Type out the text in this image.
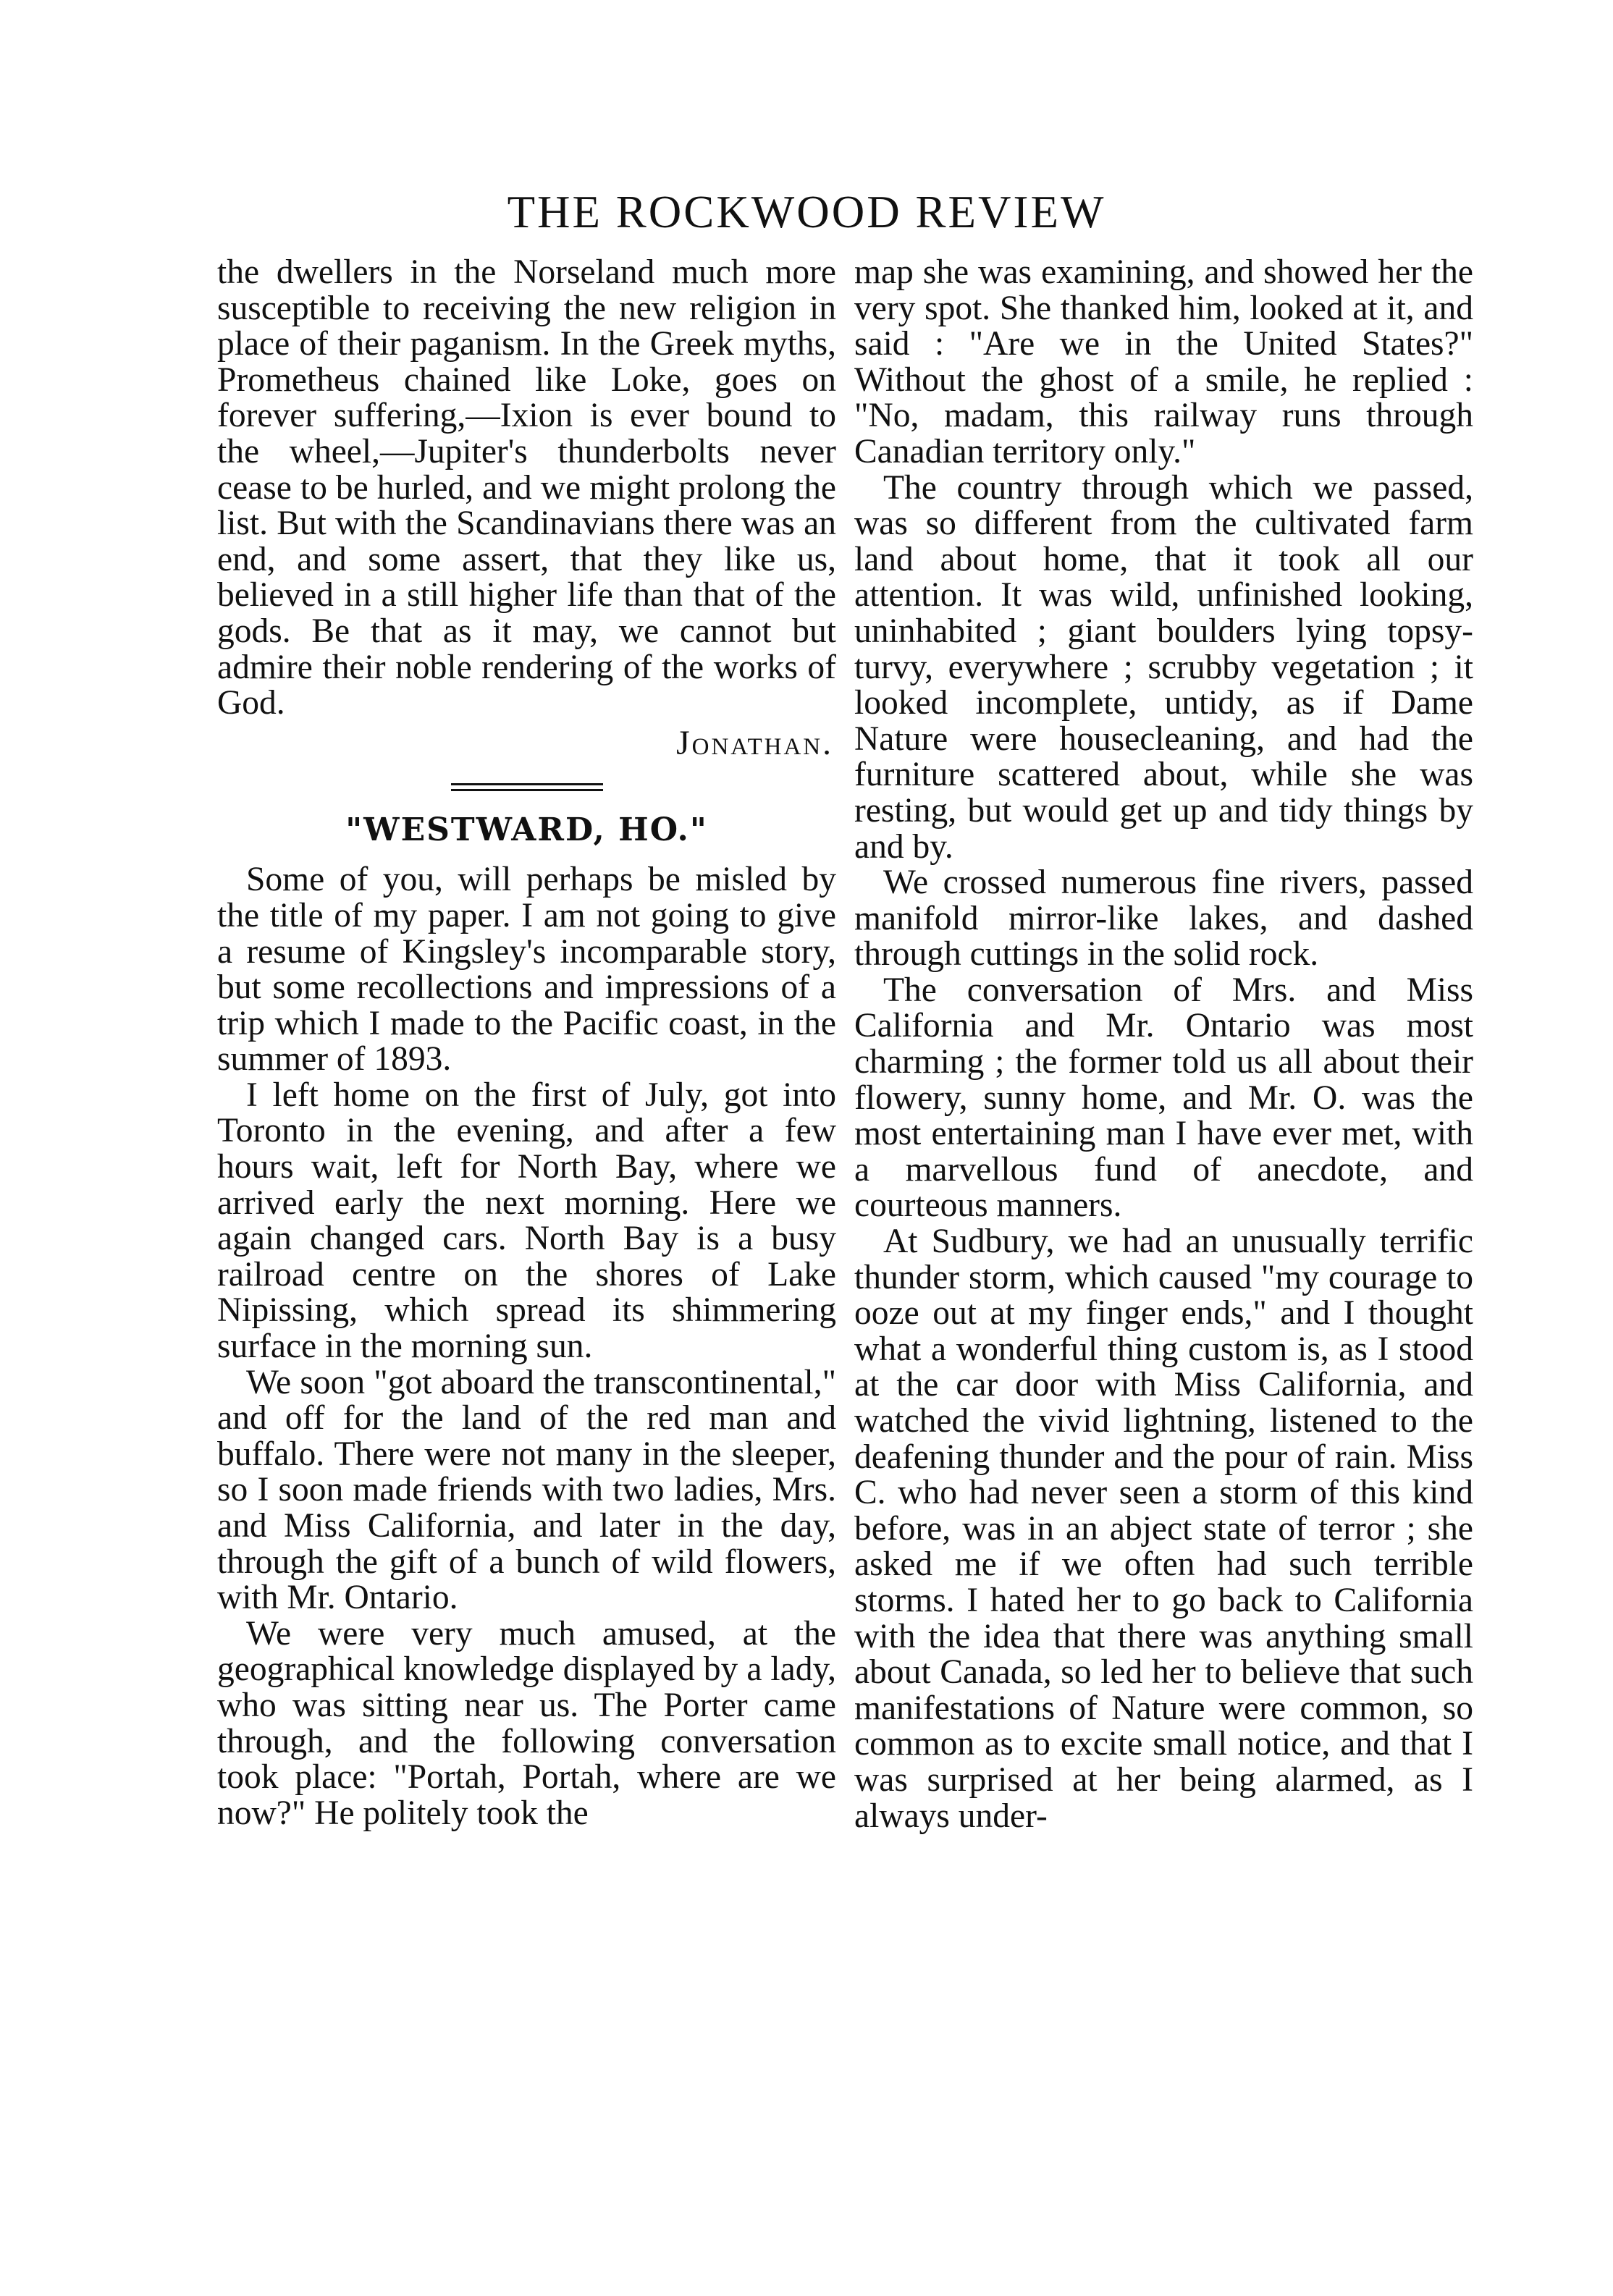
THE ROCKWOOD REVIEW

the dwellers in the Norseland much more susceptible to receiving the new religion in place of their paganism. In the Greek myths, Prometheus chained like Loke, goes on forever suffering,—Ixion is ever bound to the wheel,—Jupiter's thunderbolts never cease to be hurled, and we might prolong the list. But with the Scandinavians there was an end, and some assert, that they like us, believed in a still higher life than that of the gods. Be that as it may, we cannot but admire their noble rendering of the works of God.

Jonathan.
"WESTWARD, HO."

Some of you, will perhaps be misled by the title of my paper. I am not going to give a resume of Kingsley's incomparable story, but some recollections and impressions of a trip which I made to the Pacific coast, in the summer of 1893.

I left home on the first of July, got into Toronto in the evening, and after a few hours wait, left for North Bay, where we arrived early the next morning. Here we again changed cars. North Bay is a busy railroad centre on the shores of Lake Nipissing, which spread its shimmering surface in the morning sun.

We soon "got aboard the transcontinental," and off for the land of the red man and buffalo. There were not many in the sleeper, so I soon made friends with two ladies, Mrs. and Miss California, and later in the day, through the gift of a bunch of wild flowers, with Mr. Ontario.

We were very much amused, at the geographical knowledge displayed by a lady, who was sitting near us. The Porter came through, and the following conversation took place: "Portah, Portah, where are we now?" He politely took the

map she was examining, and showed her the very spot. She thanked him, looked at it, and said : "Are we in the United States?" Without the ghost of a smile, he replied : "No, madam, this railway runs through Canadian territory only."

The country through which we passed, was so different from the cultivated farm land about home, that it took all our attention. It was wild, unfinished looking, uninhabited ; giant boulders lying topsy-turvy, everywhere ; scrubby vegetation ; it looked incomplete, untidy, as if Dame Nature were housecleaning, and had the furniture scattered about, while she was resting, but would get up and tidy things by and by.

We crossed numerous fine rivers, passed manifold mirror-like lakes, and dashed through cuttings in the solid rock.

The conversation of Mrs. and Miss California and Mr. Ontario was most charming ; the former told us all about their flowery, sunny home, and Mr. O. was the most entertaining man I have ever met, with a marvellous fund of anecdote, and courteous manners.

At Sudbury, we had an unusually terrific thunder storm, which caused "my courage to ooze out at my finger ends," and I thought what a wonderful thing custom is, as I stood at the car door with Miss California, and watched the vivid lightning, listened to the deafening thunder and the pour of rain. Miss C. who had never seen a storm of this kind before, was in an abject state of terror ; she asked me if we often had such terrible storms. I hated her to go back to California with the idea that there was anything small about Canada, so led her to believe that such manifestations of Nature were common, so common as to excite small notice, and that I was surprised at her being alarmed, as I always under-
